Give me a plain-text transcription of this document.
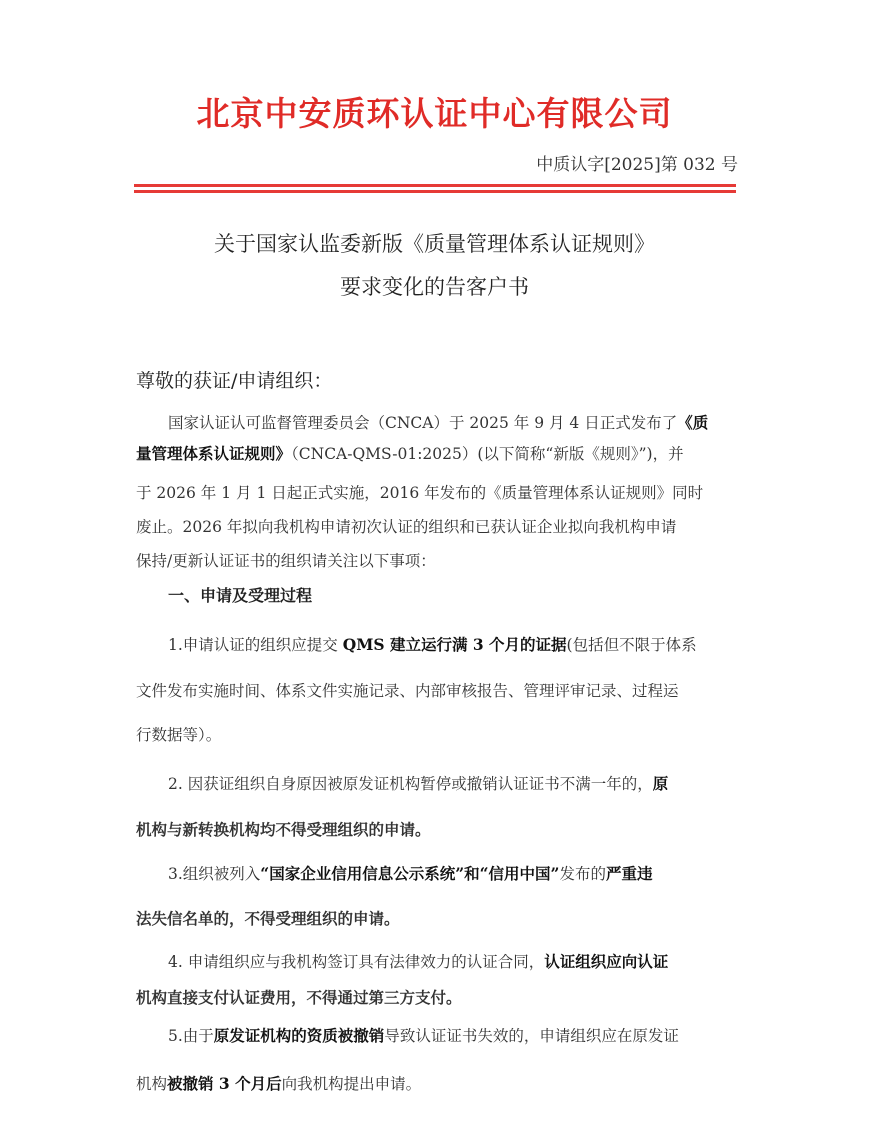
北京中安质环认证中心有限公司
中质认字[2025]第 032 号
关于国家认监委新版《质量管理体系认证规则》
要求变化的告客户书
尊敬的获证/申请组织：
国家认证认可监督管理委员会（CNCA）于 2025 年 9 月 4 日正式发布了《质
量管理体系认证规则》（CNCA-QMS-01:2025）(以下简称“新版《规则》”)，并
于 2026 年 1 月 1 日起正式实施，2016 年发布的《质量管理体系认证规则》同时
废止。2026 年拟向我机构申请初次认证的组织和已获认证企业拟向我机构申请
保持/更新认证证书的组织请关注以下事项：
一、申请及受理过程
1.申请认证的组织应提交 QMS 建立运行满 3 个月的证据(包括但不限于体系
文件发布实施时间、体系文件实施记录、内部审核报告、管理评审记录、过程运
行数据等）。
2. 因获证组织自身原因被原发证机构暂停或撤销认证证书不满一年的，原
机构与新转换机构均不得受理组织的申请。
3.组织被列入“国家企业信用信息公示系统”和“信用中国”发布的严重违
法失信名单的，不得受理组织的申请。
4. 申请组织应与我机构签订具有法律效力的认证合同，认证组织应向认证
机构直接支付认证费用，不得通过第三方支付。
5.由于原发证机构的资质被撤销导致认证证书失效的，申请组织应在原发证
机构被撤销 3 个月后向我机构提出申请。
